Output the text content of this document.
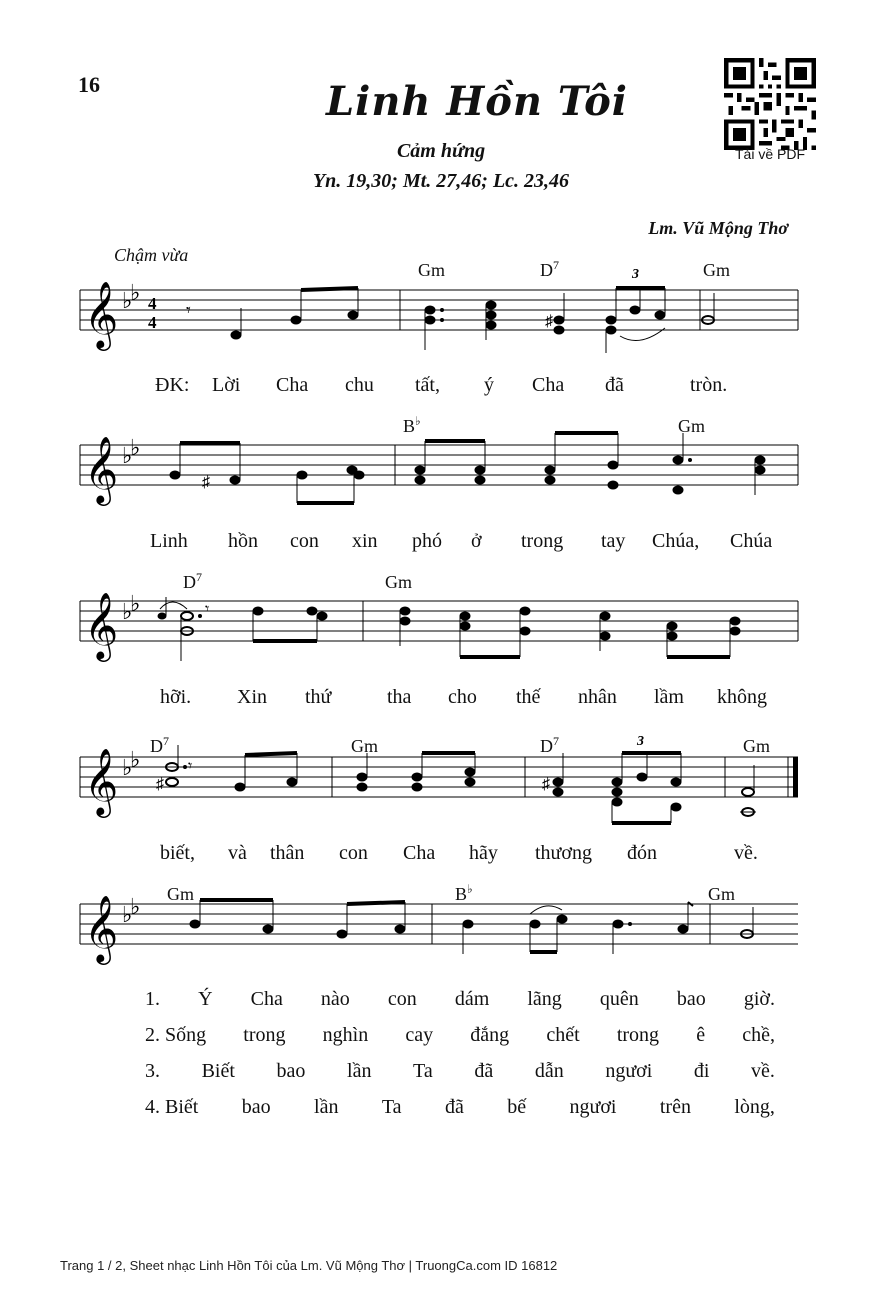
16	Linh Hồn Tôi
Cảm hứng
Yn. 19,30; Mt. 27,46; Lc. 23,46
Lm. Vũ Mộng Thơ
Tải về PDF
Chậm vừa
Gm	$D^7$	Gm
𝄞 ♭
♭ 4
4
𝄾
♯
3
ĐK: Lời Cha chu tất, ý Cha đã	tròn.
B♭	Gm
𝄞 ♭
♭
♯
Linh hồn con xin phó ở trong tay Chúa, Chúa
$D^7$	Gm
𝄞 ♭
♭	𝄾
hỡi. Xin thứ	tha cho thế nhân lầm không
$D^7$	Gm	$D^7$	Gm
𝄞 ♭
♭
♯	♯
𝄾
3
biết, và thân con Cha hãy thương đón	về.
Gm	B♭	Gm
𝄞 ♭
♭
1. Ý Cha nào con dám lãng quên bao giờ.
2. Sống trong nghìn cay đắng chết trong ê chề,
3. Biết bao lần Ta đã dẫn ngươi đi về.
4. Biết bao lần Ta đã bế ngươi trên lòng,
Trang 1 / 2, Sheet nhạc Linh Hồn Tôi của Lm. Vũ Mộng Thơ | TruongCa.com ID 16812
